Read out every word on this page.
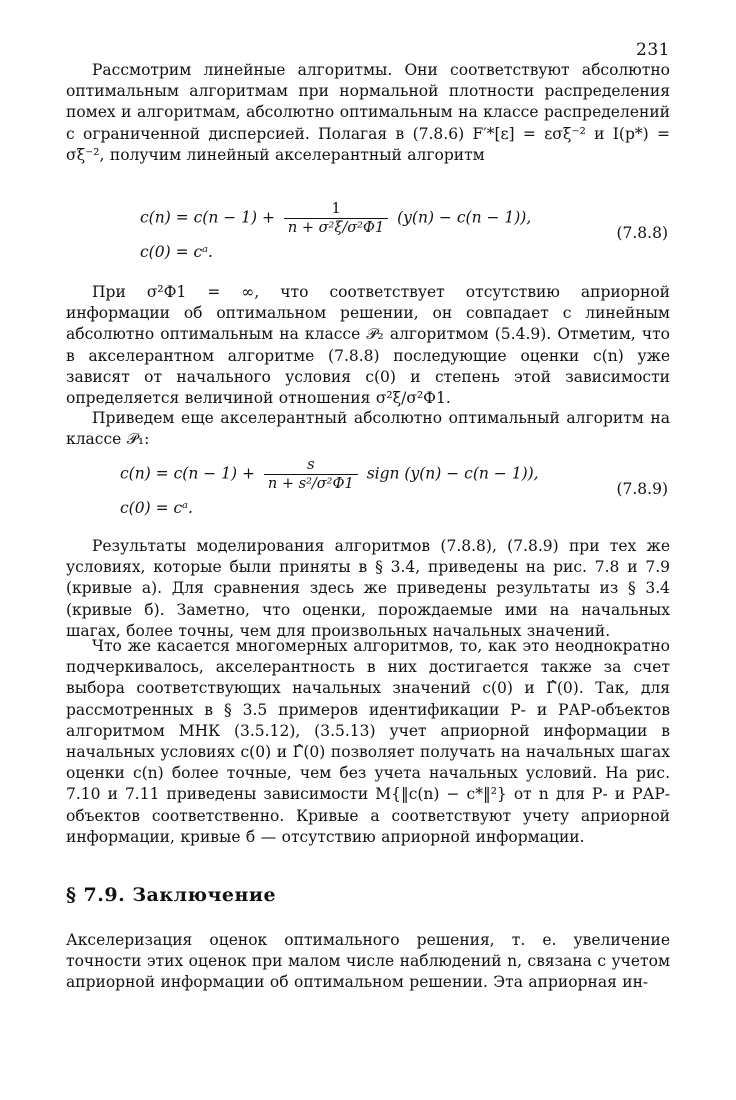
231

Рассмотрим линейные алгоритмы. Они соответствуют абсолютно оптимальным алгоритмам при нормальной плотности распределения помех и алгоритмам, абсолютно оптимальным на классе распределений с ограниченной дисперсией. Полагая в (7.8.6) F′*[ε] = εσξ⁻² и I(p*) = σξ⁻², получим линейный акселерантный алгоритм

$c(n) = c(n - 1) + \frac{1}{\text{n + σ²ξ/σ²Ф1}} (y(n) - c(n - 1))$,
c(0) = cᵃ.
(7.8.8)

При σ²Ф1 = ∞, что соответствует отсутствию априорной информации об оптимальном решении, он совпадает с линейным абсолютно оптимальным на классе 𝒫₂ алгоритмом (5.4.9). Отметим, что в акселерантном алгоритме (7.8.8) последующие оценки c(n) уже зависят от начального условия c(0) и степень этой зависимости определяется величиной отношения σ²ξ/σ²Ф1.

Приведем еще акселерантный абсолютно оптимальный алгоритм на классе 𝒫₁:

$c(n) = c(n - 1) + \frac{s}{\text{n + s²/σ²Ф1}}$ sign (y(n) − c(n − 1)),
c(0) = cᵃ.
(7.8.9)

Результаты моделирования алгоритмов (7.8.8), (7.8.9) при тех же условиях, которые были приняты в § 3.4, приведены на рис. 7.8 и 7.9 (кривые а). Для сравнения здесь же приведены результаты из § 3.4 (кривые б). Заметно, что оценки, порождаемые ими на начальных шагах, более точны, чем для произвольных начальных значений.

Что же касается многомерных алгоритмов, то, как это неоднократно подчеркивалось, акселерантность в них достигается также за счет выбора соответствующих начальных значений c(0) и Γ̂(0). Так, для рассмотренных в § 3.5 примеров идентификации Р- и РАР-объектов алгоритмом МНК (3.5.12), (3.5.13) учет априорной информации в начальных условиях c(0) и Γ̂(0) позволяет получать на начальных шагах оценки c(n) более точные, чем без учета начальных условий. На рис. 7.10 и 7.11 приведены зависимости M{‖c(n) − c*‖²} от n для Р- и РАР-объектов соответственно. Кривые а соответствуют учету априорной информации, кривые б — отсутствию априорной информации.

§ 7.9. Заключение

Акселеризация оценок оптимального решения, т. е. увеличение точности этих оценок при малом числе наблюдений n, связана с учетом априорной информации об оптимальном решении. Эта априорная ин-
